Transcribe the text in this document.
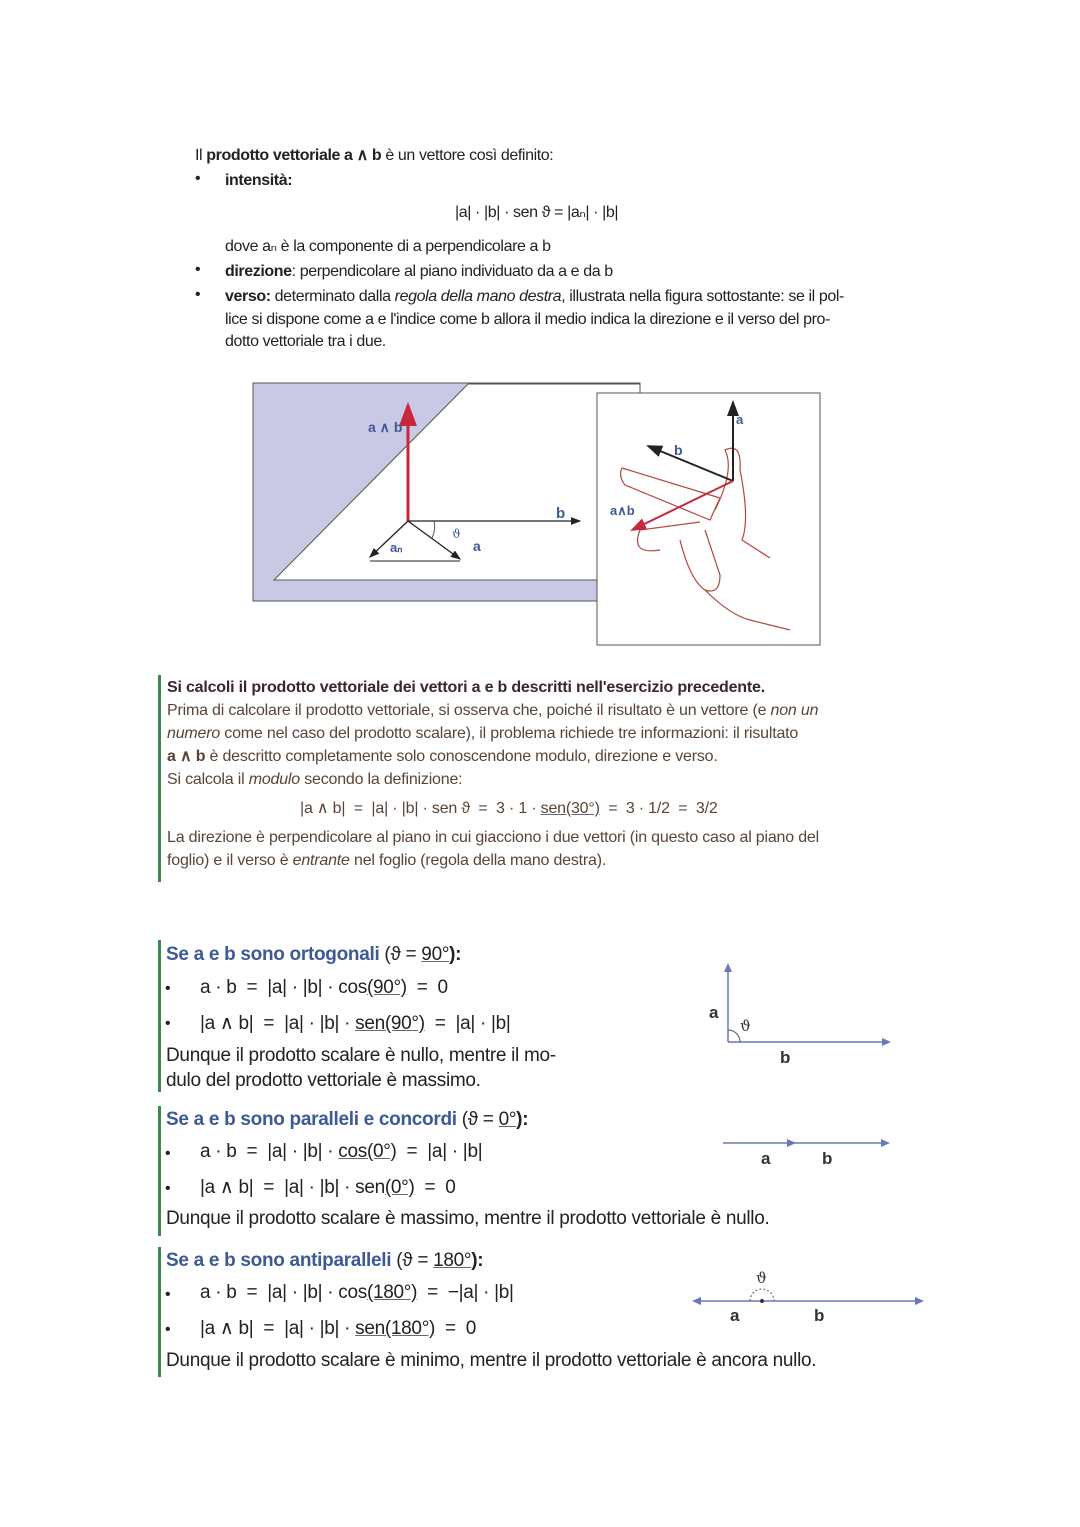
Il prodotto vettoriale a ∧ b è un vettore così definito:
• intensità:
|a| · |b| · sen ϑ = |aₙ| · |b|
dove aₙ è la componente di a perpendicolare a b
• direzione: perpendicolare al piano individuato da a e da b
• verso: determinato dalla regola della mano destra, illustrata nella figura sottostante: se il pol-
lice si dispone come a e l'indice come b allora il medio indica la direzione e il verso del pro-
dotto vettoriale tra i due.
a ∧ b
b
a
aₙ
ϑ
a
b
a∧b
Si calcoli il prodotto vettoriale dei vettori a e b descritti nell'esercizio precedente.
Prima di calcolare il prodotto vettoriale, si osserva che, poiché il risultato è un vettore (e non un
numero come nel caso del prodotto scalare), il problema richiede tre informazioni: il risultato
a ∧ b è descritto completamente solo conoscendone modulo, direzione e verso.
Si calcola il modulo secondo la definizione:
|a ∧ b|  =  |a| · |b| · sen ϑ  =  3 · 1 · sen(30°)  =  3 · 1/2  =  3/2
La direzione è perpendicolare al piano in cui giacciono i due vettori (in questo caso al piano del
foglio) e il verso è entrante nel foglio (regola della mano destra).
Se a e b sono ortogonali (ϑ = 90°):
• a · b  =  |a| · |b| · cos(90°)  =  0
• |a ∧ b|  =  |a| · |b| · sen(90°)  =  |a| · |b|
Dunque il prodotto scalare è nullo, mentre il mo-
dulo del prodotto vettoriale è massimo.
a
ϑ
b
Se a e b sono paralleli e concordi (ϑ = 0°):
• a · b  =  |a| · |b| · cos(0°)  =  |a| · |b|
• |a ∧ b|  =  |a| · |b| · sen(0°)  =  0
Dunque il prodotto scalare è massimo, mentre il prodotto vettoriale è nullo.
a	b
Se a e b sono antiparalleli (ϑ = 180°):
• a · b  =  |a| · |b| · cos(180°)  =  −|a| · |b|
• |a ∧ b|  =  |a| · |b| · sen(180°)  =  0
Dunque il prodotto scalare è minimo, mentre il prodotto vettoriale è ancora nullo.
ϑ
a	b
